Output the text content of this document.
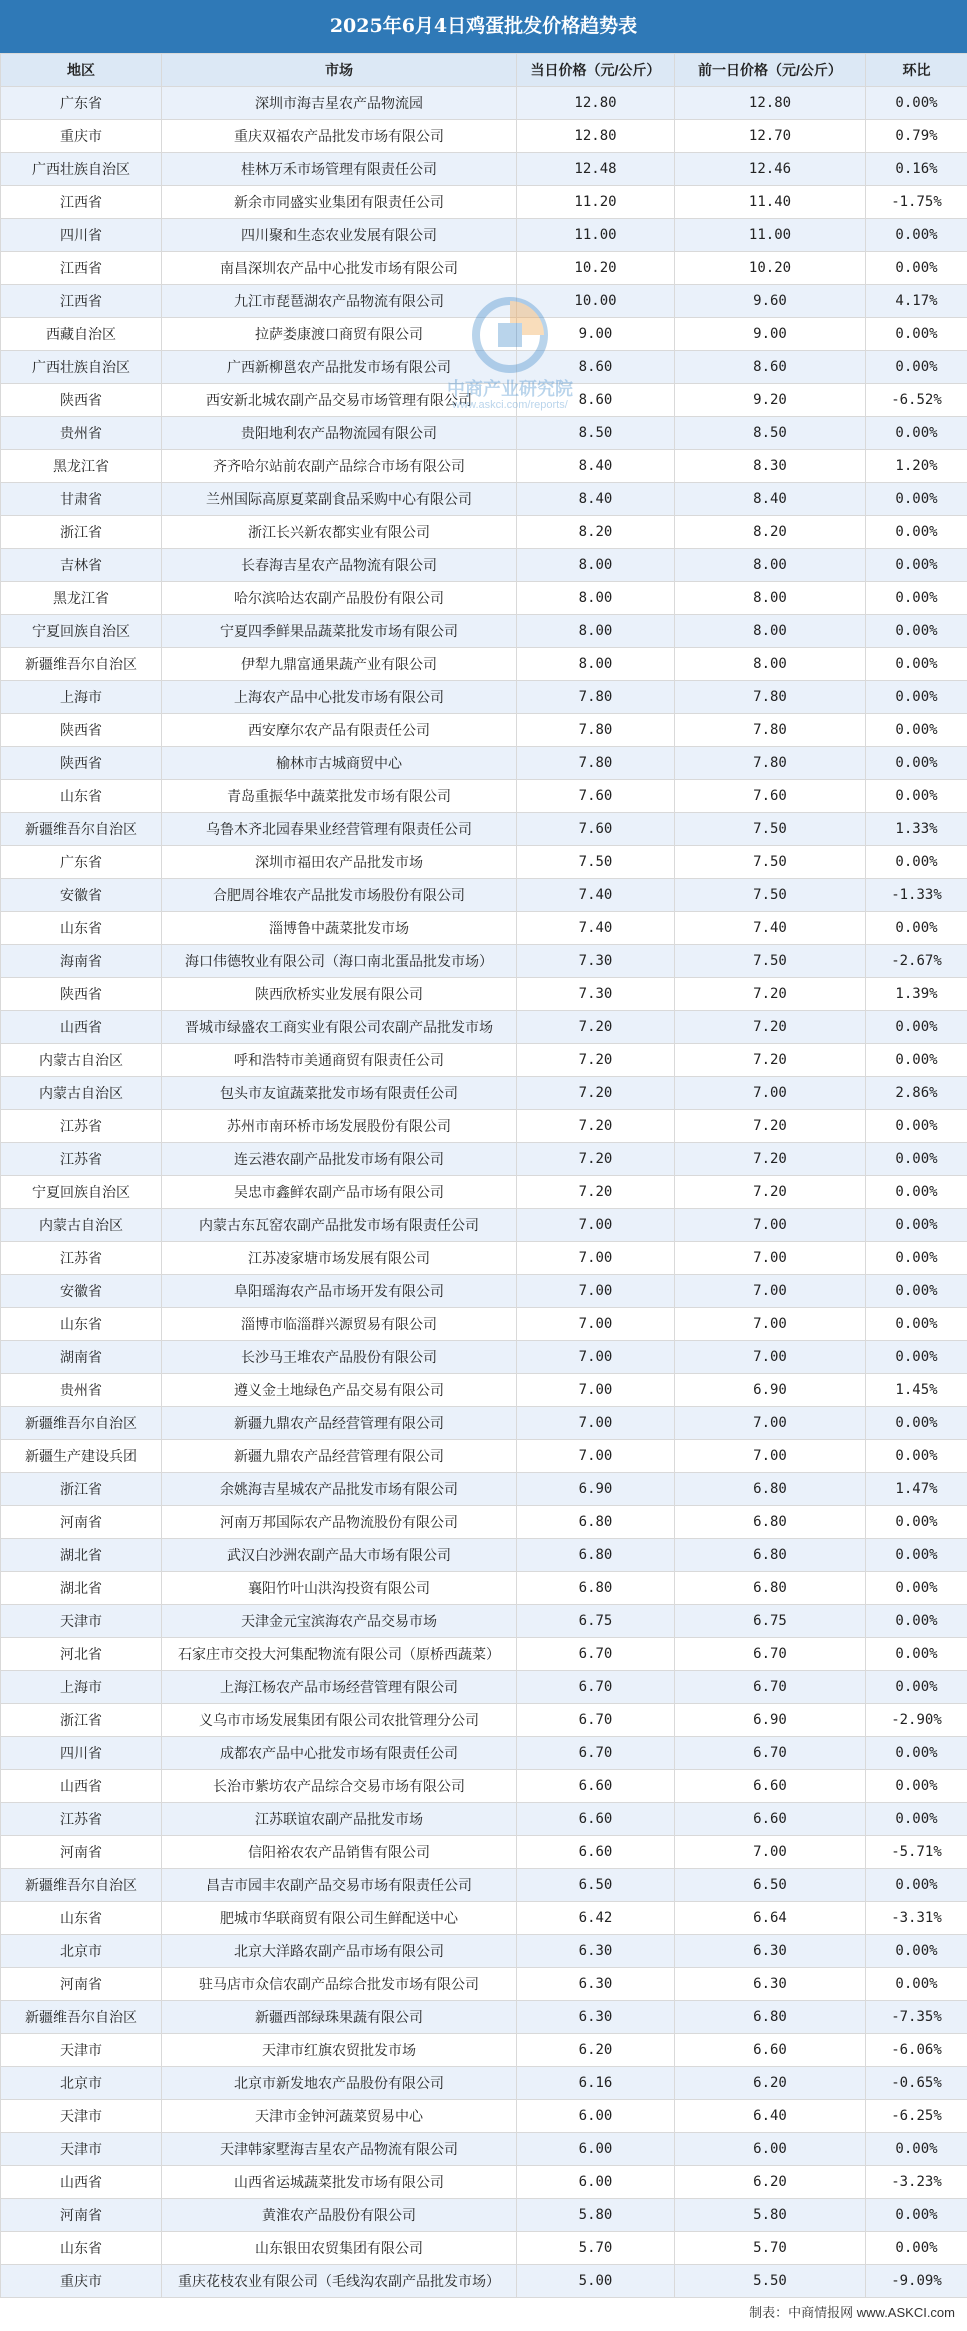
2025年6月4日鸡蛋批发价格趋势表
地区	市场	当日价格（元/公斤）	前一日价格（元/公斤）	环比
广东省	深圳市海吉星农产品物流园	12.80	12.80	0.00%
重庆市	重庆双福农产品批发市场有限公司	12.80	12.70	0.79%
广西壮族自治区	桂林万禾市场管理有限责任公司	12.48	12.46	0.16%
江西省	新余市同盛实业集团有限责任公司	11.20	11.40	-1.75%
四川省	四川聚和生态农业发展有限公司	11.00	11.00	0.00%
江西省	南昌深圳农产品中心批发市场有限公司	10.20	10.20	0.00%
江西省	九江市琵琶湖农产品物流有限公司	10.00	9.60	4.17%
西藏自治区	拉萨娄康渡口商贸有限公司	9.00	9.00	0.00%
广西壮族自治区	广西新柳邕农产品批发市场有限公司	8.60	8.60	0.00%
陕西省	西安新北城农副产品交易市场管理有限公司	8.60	9.20	-6.52%
贵州省	贵阳地利农产品物流园有限公司	8.50	8.50	0.00%
黑龙江省	齐齐哈尔站前农副产品综合市场有限公司	8.40	8.30	1.20%
甘肃省	兰州国际高原夏菜副食品采购中心有限公司	8.40	8.40	0.00%
浙江省	浙江长兴新农都实业有限公司	8.20	8.20	0.00%
吉林省	长春海吉星农产品物流有限公司	8.00	8.00	0.00%
黑龙江省	哈尔滨哈达农副产品股份有限公司	8.00	8.00	0.00%
宁夏回族自治区	宁夏四季鲜果品蔬菜批发市场有限公司	8.00	8.00	0.00%
新疆维吾尔自治区	伊犁九鼎富通果蔬产业有限公司	8.00	8.00	0.00%
上海市	上海农产品中心批发市场有限公司	7.80	7.80	0.00%
陕西省	西安摩尔农产品有限责任公司	7.80	7.80	0.00%
陕西省	榆林市古城商贸中心	7.80	7.80	0.00%
山东省	青岛重振华中蔬菜批发市场有限公司	7.60	7.60	0.00%
新疆维吾尔自治区	乌鲁木齐北园春果业经营管理有限责任公司	7.60	7.50	1.33%
广东省	深圳市福田农产品批发市场	7.50	7.50	0.00%
安徽省	合肥周谷堆农产品批发市场股份有限公司	7.40	7.50	-1.33%
山东省	淄博鲁中蔬菜批发市场	7.40	7.40	0.00%
海南省	海口伟德牧业有限公司（海口南北蛋品批发市场）	7.30	7.50	-2.67%
陕西省	陕西欣桥实业发展有限公司	7.30	7.20	1.39%
山西省	晋城市绿盛农工商实业有限公司农副产品批发市场	7.20	7.20	0.00%
内蒙古自治区	呼和浩特市美通商贸有限责任公司	7.20	7.20	0.00%
内蒙古自治区	包头市友谊蔬菜批发市场有限责任公司	7.20	7.00	2.86%
江苏省	苏州市南环桥市场发展股份有限公司	7.20	7.20	0.00%
江苏省	连云港农副产品批发市场有限公司	7.20	7.20	0.00%
宁夏回族自治区	吴忠市鑫鲜农副产品市场有限公司	7.20	7.20	0.00%
内蒙古自治区	内蒙古东瓦窑农副产品批发市场有限责任公司	7.00	7.00	0.00%
江苏省	江苏凌家塘市场发展有限公司	7.00	7.00	0.00%
安徽省	阜阳瑶海农产品市场开发有限公司	7.00	7.00	0.00%
山东省	淄博市临淄群兴源贸易有限公司	7.00	7.00	0.00%
湖南省	长沙马王堆农产品股份有限公司	7.00	7.00	0.00%
贵州省	遵义金土地绿色产品交易有限公司	7.00	6.90	1.45%
新疆维吾尔自治区	新疆九鼎农产品经营管理有限公司	7.00	7.00	0.00%
新疆生产建设兵团	新疆九鼎农产品经营管理有限公司	7.00	7.00	0.00%
浙江省	余姚海吉星城农产品批发市场有限公司	6.90	6.80	1.47%
河南省	河南万邦国际农产品物流股份有限公司	6.80	6.80	0.00%
湖北省	武汉白沙洲农副产品大市场有限公司	6.80	6.80	0.00%
湖北省	襄阳竹叶山洪沟投资有限公司	6.80	6.80	0.00%
天津市	天津金元宝滨海农产品交易市场	6.75	6.75	0.00%
河北省	石家庄市交投大河集配物流有限公司（原桥西蔬菜）	6.70	6.70	0.00%
上海市	上海江杨农产品市场经营管理有限公司	6.70	6.70	0.00%
浙江省	义乌市市场发展集团有限公司农批管理分公司	6.70	6.90	-2.90%
四川省	成都农产品中心批发市场有限责任公司	6.70	6.70	0.00%
山西省	长治市紫坊农产品综合交易市场有限公司	6.60	6.60	0.00%
江苏省	江苏联谊农副产品批发市场	6.60	6.60	0.00%
河南省	信阳裕农农产品销售有限公司	6.60	7.00	-5.71%
新疆维吾尔自治区	昌吉市园丰农副产品交易市场有限责任公司	6.50	6.50	0.00%
山东省	肥城市华联商贸有限公司生鲜配送中心	6.42	6.64	-3.31%
北京市	北京大洋路农副产品市场有限公司	6.30	6.30	0.00%
河南省	驻马店市众信农副产品综合批发市场有限公司	6.30	6.30	0.00%
新疆维吾尔自治区	新疆西部绿珠果蔬有限公司	6.30	6.80	-7.35%
天津市	天津市红旗农贸批发市场	6.20	6.60	-6.06%
北京市	北京市新发地农产品股份有限公司	6.16	6.20	-0.65%
天津市	天津市金钟河蔬菜贸易中心	6.00	6.40	-6.25%
天津市	天津韩家墅海吉星农产品物流有限公司	6.00	6.00	0.00%
山西省	山西省运城蔬菜批发市场有限公司	6.00	6.20	-3.23%
河南省	黄淮农产品股份有限公司	5.80	5.80	0.00%
山东省	山东银田农贸集团有限公司	5.70	5.70	0.00%
重庆市	重庆花枝农业有限公司（毛线沟农副产品批发市场）	5.00	5.50	-9.09%
中商产业研究院
www.askci.com/reports/
制表：中商情报网 www.ASKCI.com
